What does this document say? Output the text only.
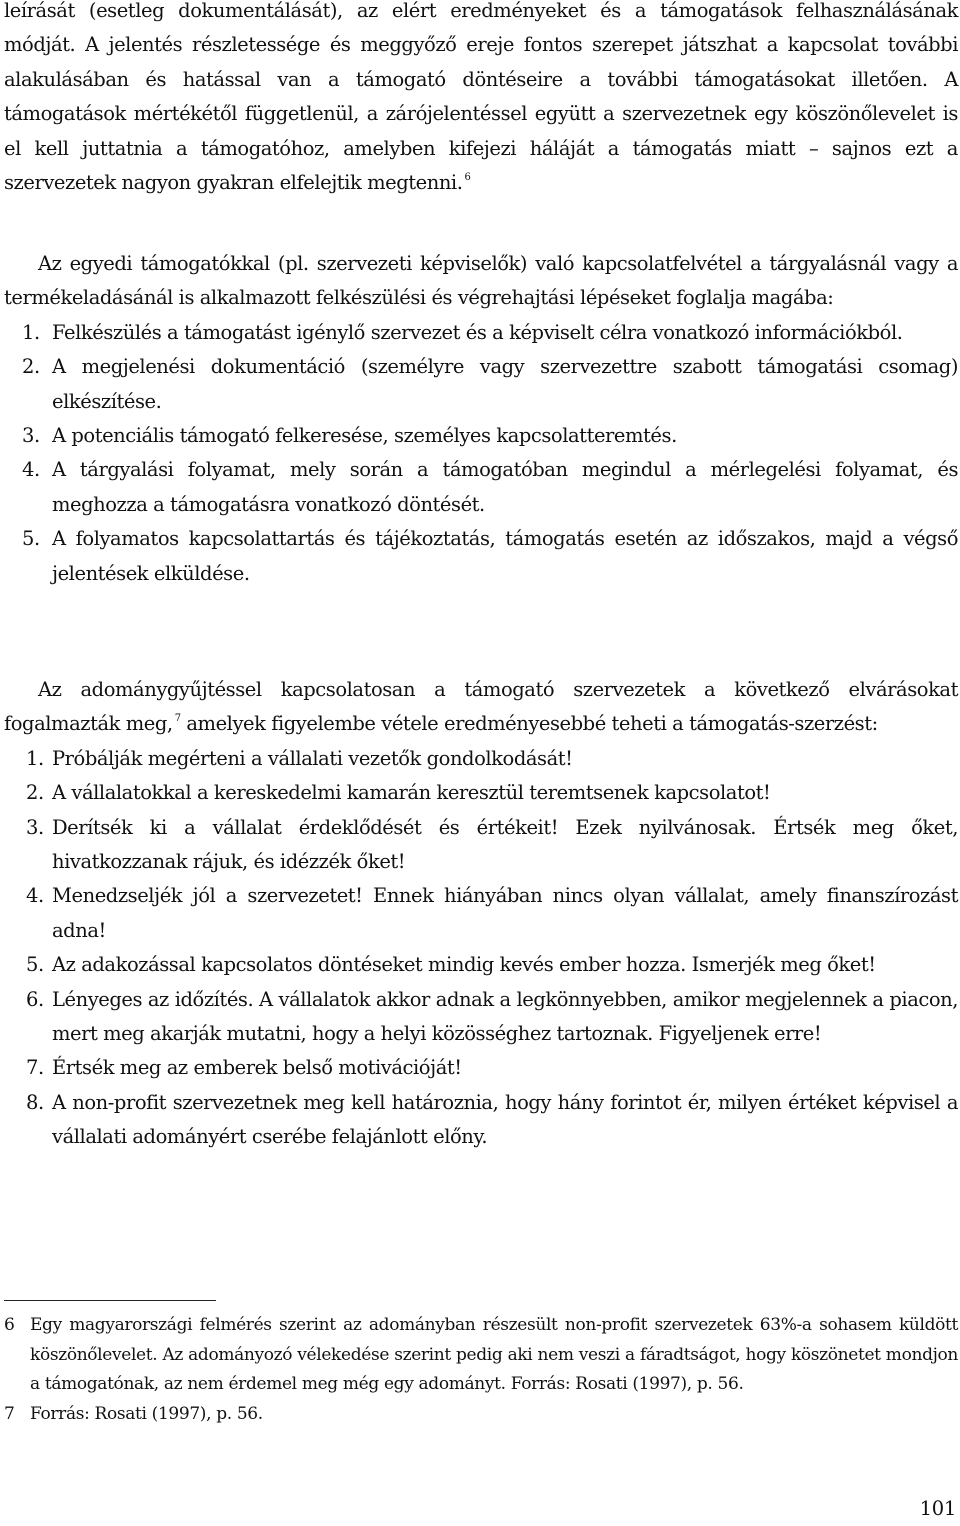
leírását (esetleg dokumentálását), az elért eredményeket és a támogatások felhasználásának módját. A jelentés részletessége és meggyőző ereje fontos szerepet játszhat a kapcsolat további alakulásában és hatással van a támogató döntéseire a további támogatásokat illetően. A támogatások mértékétől függetlenül, a zárójelentéssel együtt a szervezetnek egy köszönőlevelet is el kell juttatnia a támogatóhoz, amelyben kifejezi háláját a támogatás miatt – sajnos ezt a szervezetek nagyon gyakran elfelejtik megtenni. $^6$

Az egyedi támogatókkal (pl. szervezeti képviselők) való kapcsolatfelvétel a tárgyalásnál vagy a termékeladásánál is alkalmazott felkészülési és végrehajtási lépéseket foglalja magába:

1. Felkészülés a támogatást igénylő szervezet és a képviselt célra vonatkozó információkból.
2. A megjelenési dokumentáció (személyre vagy szervezettre szabott támogatási csomag) elkészítése.
3. A potenciális támogató felkeresése, személyes kapcsolatteremtés.
4. A tárgyalási folyamat, mely során a támogatóban megindul a mérlegelési folyamat, és meghozza a támogatásra vonatkozó döntését.
5. A folyamatos kapcsolattartás és tájékoztatás, támogatás esetén az időszakos, majd a végső jelentések elküldése.

Az adománygyűjtéssel kapcsolatosan a támogató szervezetek a következő elvárásokat fogalmazták meg, $^7$ amelyek figyelembe vétele eredményesebbé teheti a támogatás-szerzést:

1. Próbálják megérteni a vállalati vezetők gondolkodását!
2. A vállalatokkal a kereskedelmi kamarán keresztül teremtsenek kapcsolatot!
3. Derítsék ki a vállalat érdeklődését és értékeit! Ezek nyilvánosak. Értsék meg őket, hivatkozzanak rájuk, és idézzék őket!
4. Menedzseljék jól a szervezetet! Ennek hiányában nincs olyan vállalat, amely finanszírozást adna!
5. Az adakozással kapcsolatos döntéseket mindig kevés ember hozza. Ismerjék meg őket!
6. Lényeges az időzítés. A vállalatok akkor adnak a legkönnyebben, amikor megjelennek a piacon, mert meg akarják mutatni, hogy a helyi közösséghez tartoznak. Figyeljenek erre!
7. Értsék meg az emberek belső motivációját!
8. A non-profit szervezetnek meg kell határoznia, hogy hány forintot ér, milyen értéket képvisel a vállalati adományért cserébe felajánlott előny.
6 Egy magyarországi felmérés szerint az adományban részesült non-profit szervezetek 63%-a sohasem küldött köszönőlevelet. Az adományozó vélekedése szerint pedig aki nem veszi a fáradtságot, hogy köszönetet mondjon a támogatónak, az nem érdemel meg még egy adományt. Forrás: Rosati (1997), p. 56.
7 Forrás: Rosati (1997), p. 56.
101
